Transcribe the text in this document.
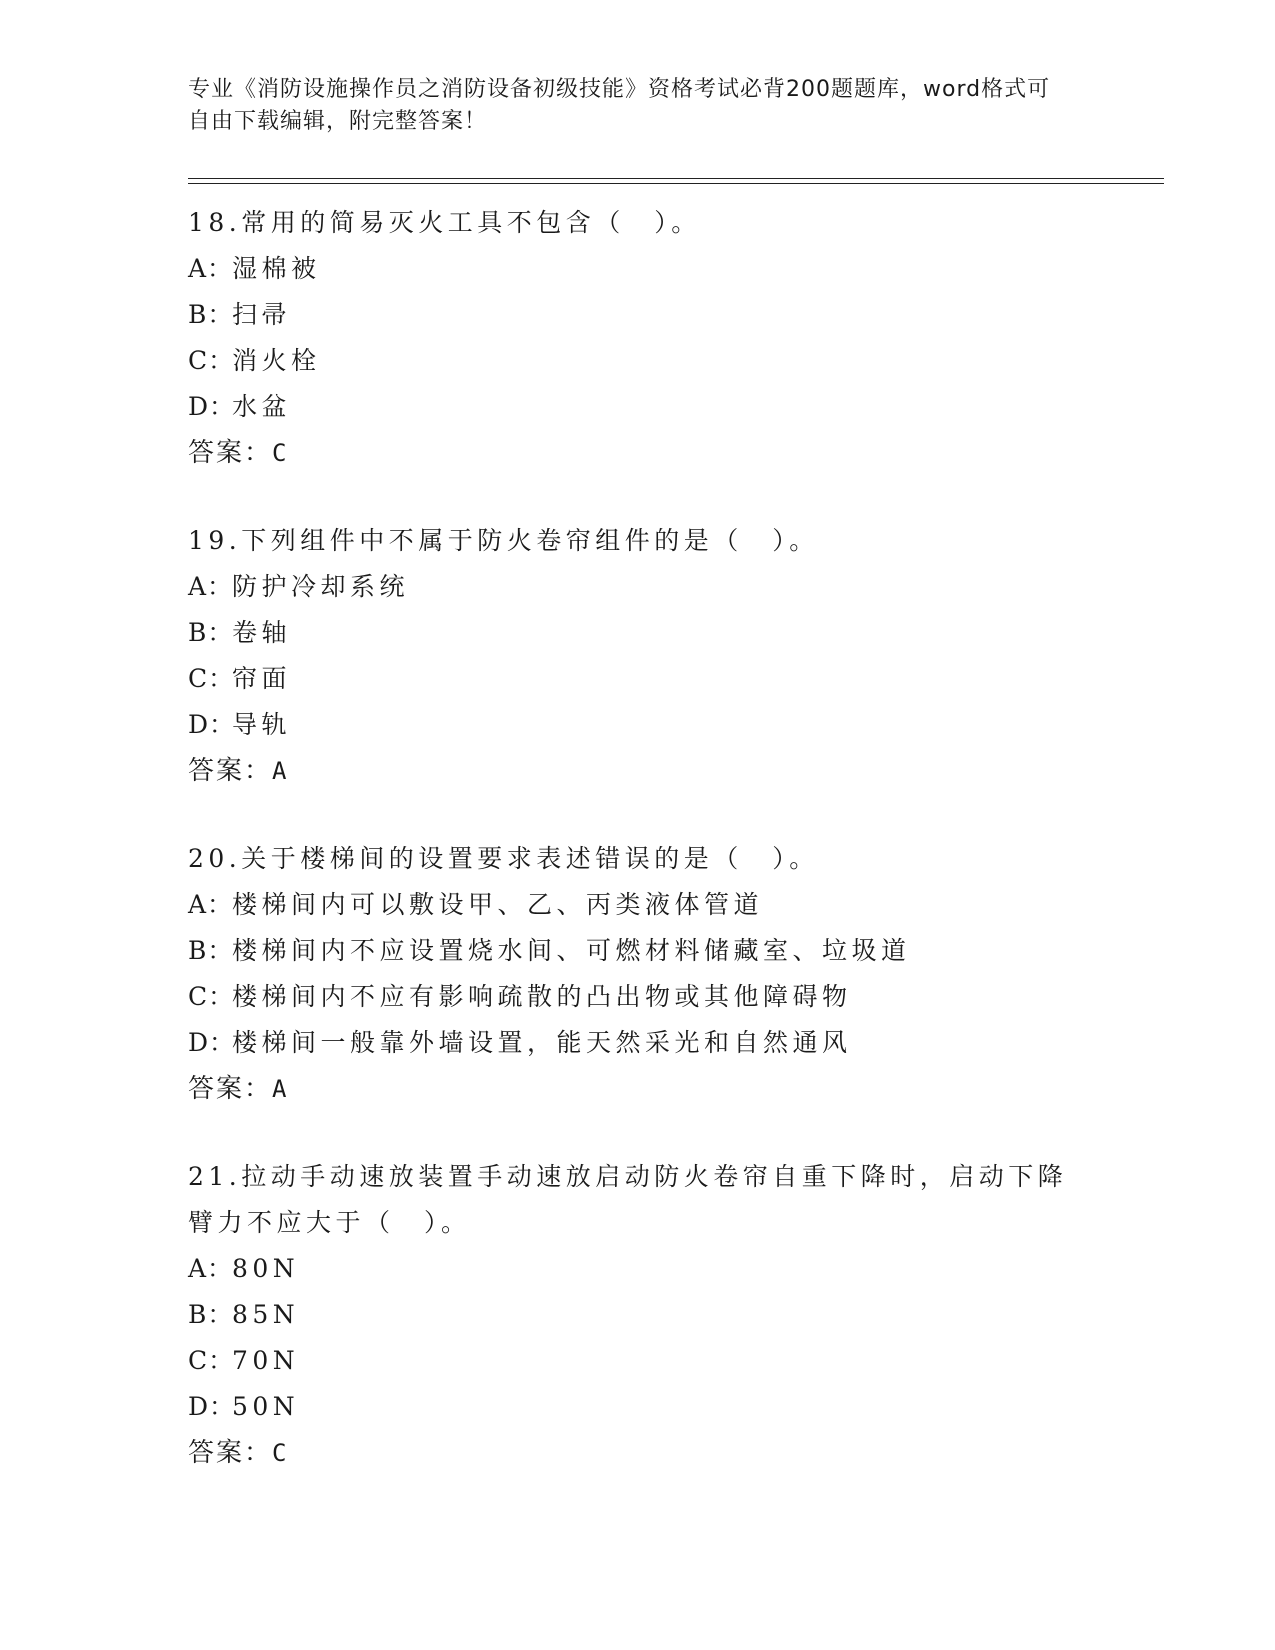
专业《消防设施操作员之消防设备初级技能》资格考试必背200题题库，word格式可自由下载编辑，附完整答案！

18.常用的简易灭火工具不包含（　）。

A：湿棉被

B：扫帚

C：消火栓

D：水盆

答案：C

19.下列组件中不属于防火卷帘组件的是（　）。

A：防护冷却系统

B：卷轴

C：帘面

D：导轨

答案：A

20.关于楼梯间的设置要求表述错误的是（　）。

A：楼梯间内可以敷设甲、乙、丙类液体管道

B：楼梯间内不应设置烧水间、可燃材料储藏室、垃圾道

C：楼梯间内不应有影响疏散的凸出物或其他障碍物

D：楼梯间一般靠外墙设置，能天然采光和自然通风

答案：A

21.拉动手动速放装置手动速放启动防火卷帘自重下降时，启动下降臂力不应大于（　）。

A：80N

B：85N

C：70N

D：50N

答案：C
